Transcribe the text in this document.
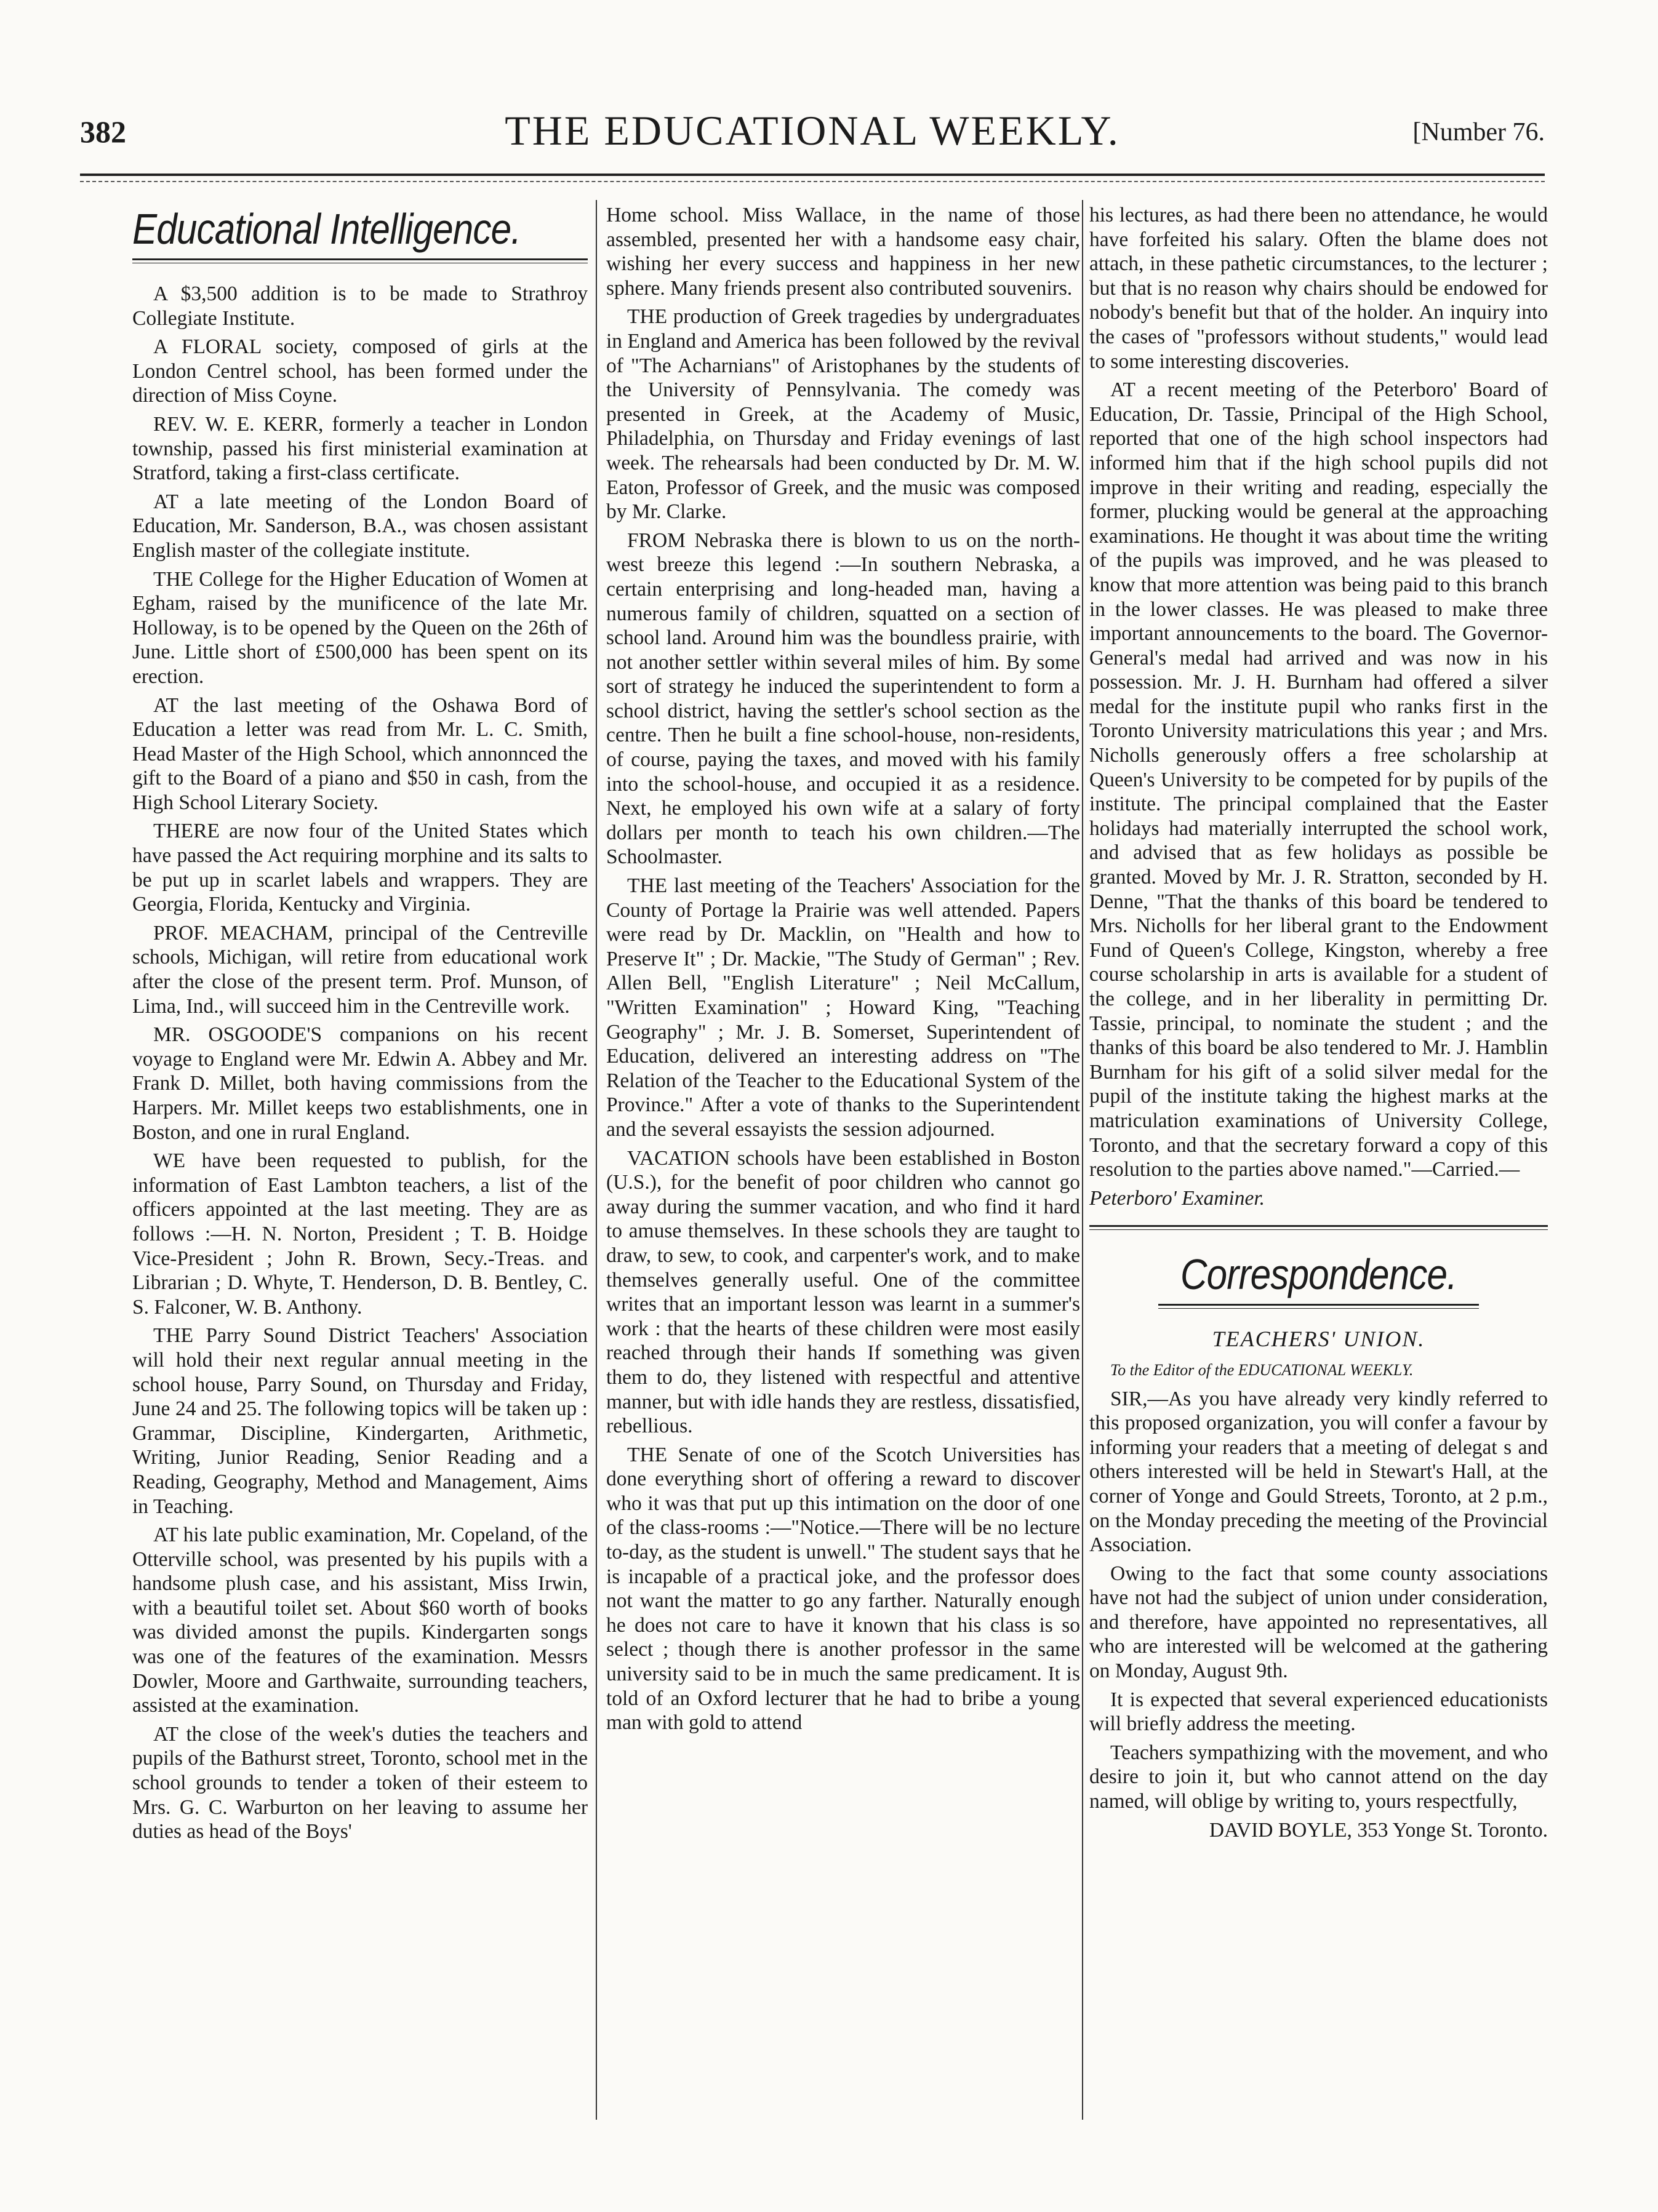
382	THE EDUCATIONAL WEEKLY.	[Number 76.
Educational Intelligence.

A $3,500 addition is to be made to Strathroy Collegiate Institute.

A FLORAL society, composed of girls at the London Centrel school, has been formed under the direction of Miss Coyne.

REV. W. E. KERR, formerly a teacher in London township, passed his first ministerial examination at Stratford, taking a first-class certificate.

AT a late meeting of the London Board of Education, Mr. Sanderson, B.A., was chosen assistant English master of the collegiate institute.

THE College for the Higher Education of Women at Egham, raised by the munificence of the late Mr. Holloway, is to be opened by the Queen on the 26th of June. Little short of £500,000 has been spent on its erection.

AT the last meeting of the Oshawa Bord of Education a letter was read from Mr. L. C. Smith, Head Master of the High School, which annonnced the gift to the Board of a piano and $50 in cash, from the High School Literary Society.

THERE are now four of the United States which have passed the Act requiring morphine and its salts to be put up in scarlet labels and wrappers. They are Georgia, Florida, Kentucky and Virginia.

PROF. MEACHAM, principal of the Centreville schools, Michigan, will retire from educational work after the close of the present term. Prof. Munson, of Lima, Ind., will succeed him in the Centreville work.

MR. OSGOODE'S companions on his recent voyage to England were Mr. Edwin A. Abbey and Mr. Frank D. Millet, both having commissions from the Harpers. Mr. Millet keeps two establishments, one in Boston, and one in rural England.

WE have been requested to publish, for the information of East Lambton teachers, a list of the officers appointed at the last meeting. They are as follows :—H. N. Norton, President ; T. B. Hoidge Vice-President ; John R. Brown, Secy.-Treas. and Librarian ; D. Whyte, T. Henderson, D. B. Bentley, C. S. Falconer, W. B. Anthony.

THE Parry Sound District Teachers' Association will hold their next regular annual meeting in the school house, Parry Sound, on Thursday and Friday, June 24 and 25. The following topics will be taken up : Grammar, Discipline, Kindergarten, Arithmetic, Writing, Junior Reading, Senior Reading and a Reading, Geography, Method and Management, Aims in Teaching.

AT his late public examination, Mr. Copeland, of the Otterville school, was presented by his pupils with a handsome plush case, and his assistant, Miss Irwin, with a beautiful toilet set. About $60 worth of books was divided amonst the pupils. Kindergarten songs was one of the features of the examination. Messrs Dowler, Moore and Garthwaite, surrounding teachers, assisted at the examination.

AT the close of the week's duties the teachers and pupils of the Bathurst street, Toronto, school met in the school grounds to tender a token of their esteem to Mrs. G. C. Warburton on her leaving to assume her duties as head of the Boys'

Home school. Miss Wallace, in the name of those assembled, presented her with a handsome easy chair, wishing her every success and happiness in her new sphere. Many friends present also contributed souvenirs.

THE production of Greek tragedies by undergraduates in England and America has been followed by the revival of "The Acharnians" of Aristophanes by the students of the University of Pennsylvania. The comedy was presented in Greek, at the Academy of Music, Philadelphia, on Thursday and Friday evenings of last week. The rehearsals had been conducted by Dr. M. W. Eaton, Professor of Greek, and the music was composed by Mr. Clarke.

FROM Nebraska there is blown to us on the north-west breeze this legend :—In southern Nebraska, a certain enterprising and long-headed man, having a numerous family of children, squatted on a section of school land. Around him was the boundless prairie, with not another settler within several miles of him. By some sort of strategy he induced the superintendent to form a school district, having the settler's school section as the centre. Then he built a fine school-house, non-residents, of course, paying the taxes, and moved with his family into the school-house, and occupied it as a residence. Next, he employed his own wife at a salary of forty dollars per month to teach his own children.—The Schoolmaster.

THE last meeting of the Teachers' Association for the County of Portage la Prairie was well attended. Papers were read by Dr. Macklin, on "Health and how to Preserve It" ; Dr. Mackie, "The Study of German" ; Rev. Allen Bell, "English Literature" ; Neil McCallum, "Written Examination" ; Howard King, "Teaching Geography" ; Mr. J. B. Somerset, Superintendent of Education, delivered an interesting address on "The Relation of the Teacher to the Educational System of the Province." After a vote of thanks to the Superintendent and the several essayists the session adjourned.

VACATION schools have been established in Boston (U.S.), for the benefit of poor children who cannot go away during the summer vacation, and who find it hard to amuse themselves. In these schools they are taught to draw, to sew, to cook, and carpenter's work, and to make themselves generally useful. One of the committee writes that an important lesson was learnt in a summer's work : that the hearts of these children were most easily reached through their hands If something was given them to do, they listened with respectful and attentive manner, but with idle hands they are restless, dissatisfied, rebellious.

THE Senate of one of the Scotch Universities has done everything short of offering a reward to discover who it was that put up this intimation on the door of one of the class-rooms :—"Notice.—There will be no lecture to-day, as the student is unwell." The student says that he is incapable of a practical joke, and the professor does not want the matter to go any farther. Naturally enough he does not care to have it known that his class is so select ; though there is another professor in the same university said to be in much the same predicament. It is told of an Oxford lecturer that he had to bribe a young man with gold to attend

his lectures, as had there been no attendance, he would have forfeited his salary. Often the blame does not attach, in these pathetic circumstances, to the lecturer ; but that is no reason why chairs should be endowed for nobody's benefit but that of the holder. An inquiry into the cases of "professors without students," would lead to some interesting discoveries.

AT a recent meeting of the Peterboro' Board of Education, Dr. Tassie, Principal of the High School, reported that one of the high school inspectors had informed him that if the high school pupils did not improve in their writing and reading, especially the former, plucking would be general at the approaching examinations. He thought it was about time the writing of the pupils was improved, and he was pleased to know that more attention was being paid to this branch in the lower classes. He was pleased to make three important announcements to the board. The Governor-General's medal had arrived and was now in his possession. Mr. J. H. Burnham had offered a silver medal for the institute pupil who ranks first in the Toronto University matriculations this year ; and Mrs. Nicholls generously offers a free scholarship at Queen's University to be competed for by pupils of the institute. The principal complained that the Easter holidays had materially interrupted the school work, and advised that as few holidays as possible be granted. Moved by Mr. J. R. Stratton, seconded by H. Denne, "That the thanks of this board be tendered to Mrs. Nicholls for her liberal grant to the Endowment Fund of Queen's College, Kingston, whereby a free course scholarship in arts is available for a student of the college, and in her liberality in permitting Dr. Tassie, principal, to nominate the student ; and the thanks of this board be also tendered to Mr. J. Hamblin Burnham for his gift of a solid silver medal for the pupil of the institute taking the highest marks at the matriculation examinations of University College, Toronto, and that the secretary forward a copy of this resolution to the parties above named."—Carried.—

Peterboro' Examiner.

Correspondence.
TEACHERS' UNION.

To the Editor of the EDUCATIONAL WEEKLY.

SIR,—As you have already very kindly referred to this proposed organization, you will confer a favour by informing your readers that a meeting of delegat s and others interested will be held in Stewart's Hall, at the corner of Yonge and Gould Streets, Toronto, at 2 p.m., on the Monday preceding the meeting of the Provincial Association.

Owing to the fact that some county associations have not had the subject of union under consideration, and therefore, have appointed no representatives, all who are interested will be welcomed at the gathering on Monday, August 9th.

It is expected that several experienced educationists will briefly address the meeting.

Teachers sympathizing with the movement, and who desire to join it, but who cannot attend on the day named, will oblige by writing to, yours respectfully,

DAVID BOYLE, 353 Yonge St. Toronto.
